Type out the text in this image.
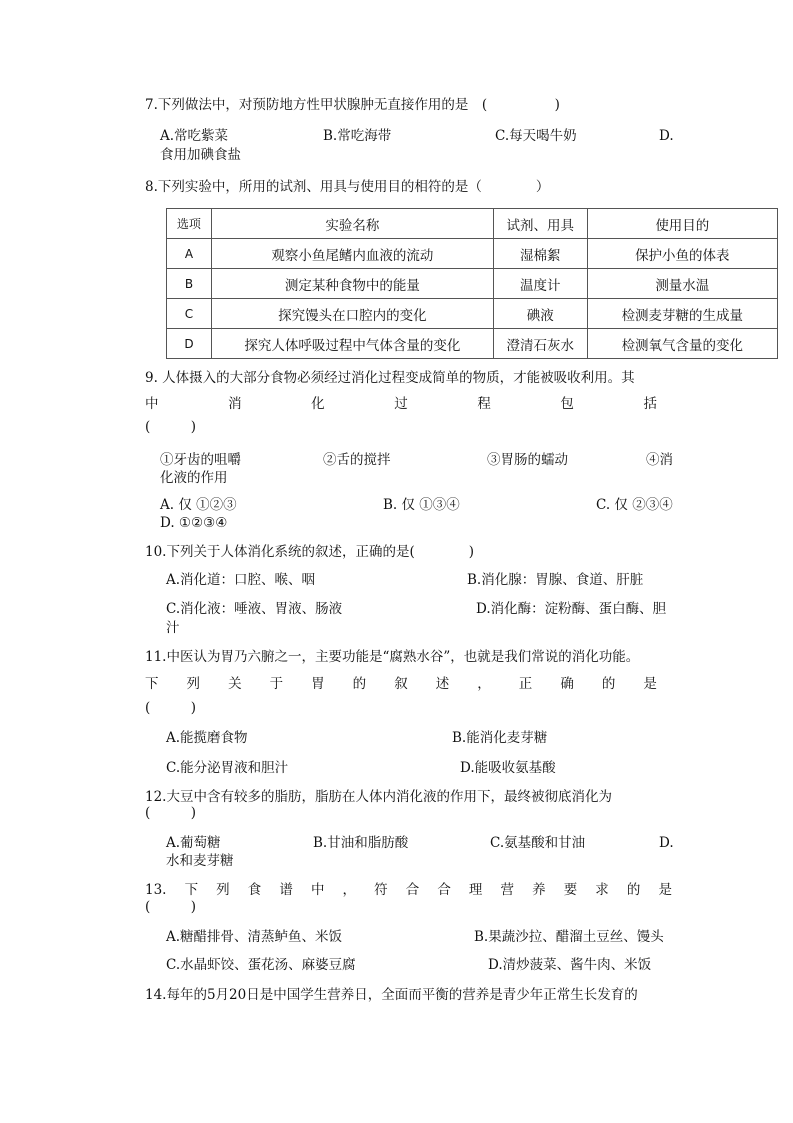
7.下列做法中，对预防地方性甲状腺肿无直接作用的是　(　　　　　)
A.常吃紫菜	B.常吃海带	C.每天喝牛奶	D.
食用加碘食盐
8.下列实验中，所用的试剂、用具与使用目的相符的是（　　　　）
选项	实验名称	试剂、用具	使用目的
A	观察小鱼尾鳍内血液的流动	湿棉絮	保护小鱼的体表
B	测定某种食物中的能量	温度计	测量水温
C	探究馒头在口腔内的变化	碘液	检测麦芽糖的生成量
D	探究人体呼吸过程中气体含量的变化	澄清石灰水	检测氧气含量的变化
9. 人体摄入的大部分食物必须经过消化过程变成简单的物质，才能被吸收利用。其
中	消	化	过	程	包	括
(　　　)
①牙齿的咀嚼	②舌的搅拌	③胃肠的蠕动	④消
化液的作用
A. 仅 ①②③	B. 仅 ①③④	C. 仅 ②③④
D. ①②③④
10.下列关于人体消化系统的叙述，正确的是(　　　　)
A.消化道：口腔、喉、咽	B.消化腺：胃腺、食道、肝脏
C.消化液：唾液、胃液、肠液	D.消化酶：淀粉酶、蛋白酶、胆
汁
11.中医认为胃乃六腑之一，主要功能是“腐熟水谷”，也就是我们常说的消化功能。
下 列 关 于 胃 的 叙 述 ， 正 确 的 是
(　　　)
A.能揽磨食物	B.能消化麦芽糖
C.能分泌胃液和胆汁	D.能吸收氨基酸
12.大豆中含有较多的脂肪，脂肪在人体内消化液的作用下，最终被彻底消化为
(　　　)
A.葡萄糖	B.甘油和脂肪酸	C.氨基酸和甘油	D.
水和麦芽糖
13. 下 列 食 谱 中 ， 符 合 合 理 营 养 要 求 的 是
(　　　)
A.糖醋排骨、清蒸鲈鱼、米饭	B.果蔬沙拉、醋溜土豆丝、馒头
C.水晶虾饺、蛋花汤、麻婆豆腐	D.清炒菠菜、酱牛肉、米饭
14.每年的5月20日是中国学生营养日，全面而平衡的营养是青少年正常生长发育的
